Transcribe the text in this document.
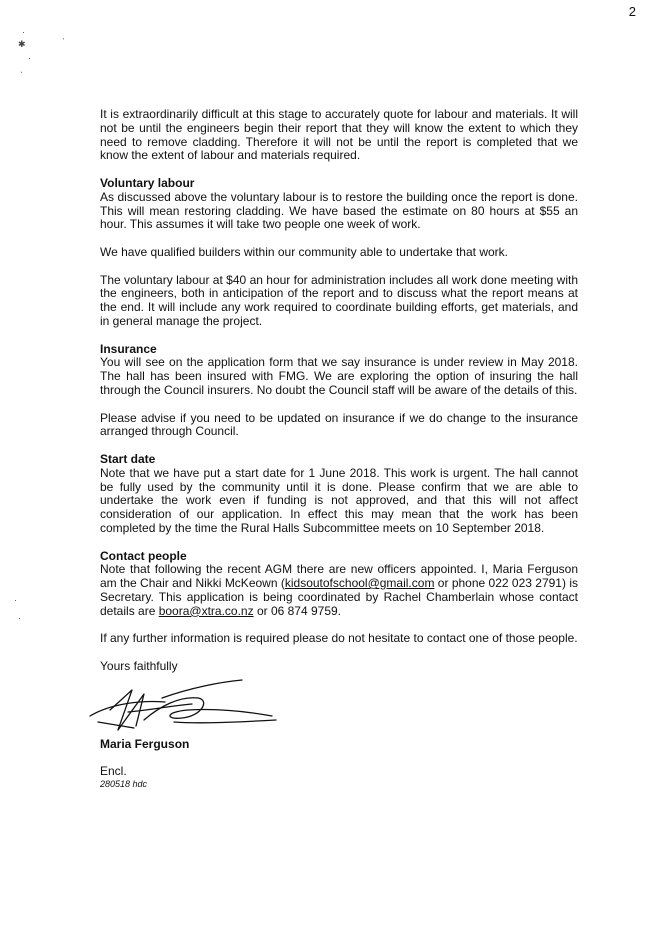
2
·
✱	ˋ
·
ˎ
·
·

It is extraordinarily difficult at this stage to accurately quote for labour and materials. It will not be until the engineers begin their report that they will know the extent to which they need to remove cladding. Therefore it will not be until the report is completed that we know the extent of labour and materials required.

Voluntary labour

As discussed above the voluntary labour is to restore the building once the report is done. This will mean restoring cladding. We have based the estimate on 80 hours at $55 an hour. This assumes it will take two people one week of work.

We have qualified builders within our community able to undertake that work.

The voluntary labour at $40 an hour for administration includes all work done meeting with the engineers, both in anticipation of the report and to discuss what the report means at the end. It will include any work required to coordinate building efforts, get materials, and in general manage the project.

Insurance

You will see on the application form that we say insurance is under review in May 2018. The hall has been insured with FMG. We are exploring the option of insuring the hall through the Council insurers. No doubt the Council staff will be aware of the details of this.

Please advise if you need to be updated on insurance if we do change to the insurance arranged through Council.

Start date

Note that we have put a start date for 1 June 2018. This work is urgent. The hall cannot be fully used by the community until it is done. Please confirm that we are able to undertake the work even if funding is not approved, and that this will not affect consideration of our application. In effect this may mean that the work has been completed by the time the Rural Halls Subcommittee meets on 10 September 2018.

Contact people

Note that following the recent AGM there are new officers appointed. I, Maria Ferguson am the Chair and Nikki McKeown (kidsoutofschool@gmail.com or phone 022 023 2791) is Secretary. This application is being coordinated by Rachel Chamberlain whose contact details are boora@xtra.co.nz or 06 874 9759.

If any further information is required please do not hesitate to contact one of those people.

Yours faithfully

Maria Ferguson

Encl.

280518 hdc
